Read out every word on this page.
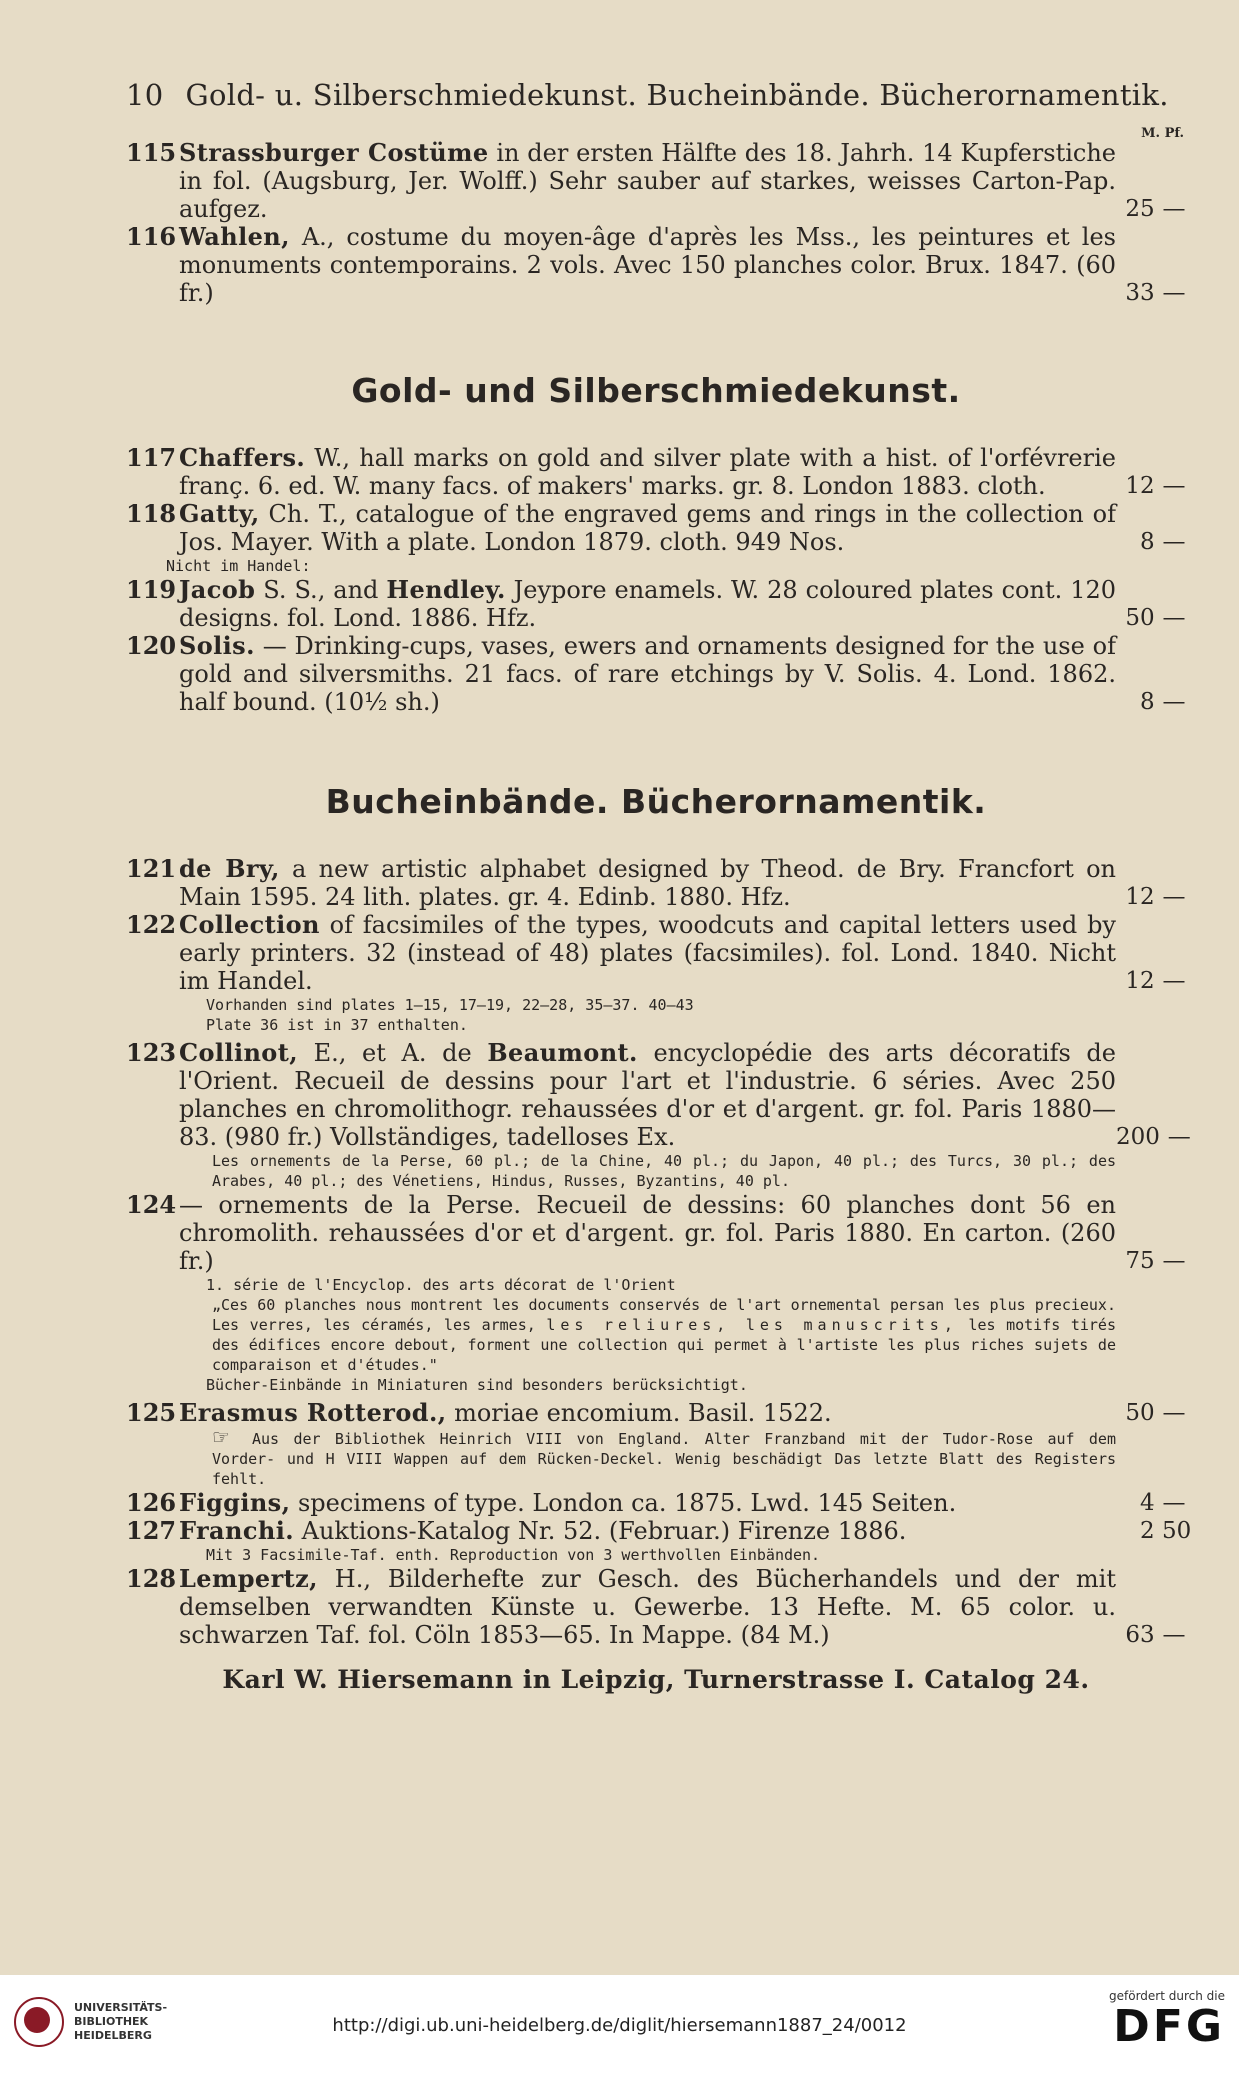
10 Gold- u. Silberschmiedekunst. Bucheinbände. Bücherornamentik.
M. Pf.
115 Strassburger Costüme in der ersten Hälfte des 18. Jahrh. 14 Kupferstiche in fol. (Augsburg, Jer. Wolff.) Sehr sauber auf starkes, weisses Carton-Pap. aufgez.	25 —
116 Wahlen, A., costume du moyen-âge d'après les Mss., les peintures et les monuments contemporains. 2 vols. Avec 150 planches color. Brux. 1847. (60 fr.)	33 —
Gold- und Silberschmiedekunst.
117 Chaffers. W., hall marks on gold and silver plate with a hist. of l'orfévrerie franç. 6. ed. W. many facs. of makers' marks. gr. 8. London 1883. cloth.	12 —
118 Gatty, Ch. T., catalogue of the engraved gems and rings in the collection of Jos. Mayer. With a plate. London 1879. cloth. 949 Nos.	8 —
Nicht im Handel:
119 Jacob S. S., and Hendley. Jeypore enamels. W. 28 coloured plates cont. 120 designs. fol. Lond. 1886. Hfz.	50 —
120 Solis. — Drinking-cups, vases, ewers and ornaments designed for the use of gold and silversmiths. 21 facs. of rare etchings by V. Solis. 4. Lond. 1862. half bound. (10½ sh.)	8 —
Bucheinbände. Bücherornamentik.
121 de Bry, a new artistic alphabet designed by Theod. de Bry. Francfort on Main 1595. 24 lith. plates. gr. 4. Edinb. 1880. Hfz.	12 —
122 Collection of facsimiles of the types, woodcuts and capital letters used by early printers. 32 (instead of 48) plates (facsimiles). fol. Lond. 1840. Nicht im Handel.	12 —
Vorhanden sind plates 1—15, 17—19, 22—28, 35—37. 40—43
Plate 36 ist in 37 enthalten.
123 Collinot, E., et A. de Beaumont. encyclopédie des arts décoratifs de l'Orient. Recueil de dessins pour l'art et l'industrie. 6 séries. Avec 250 planches en chromolithogr. rehaussées d'or et d'argent. gr. fol. Paris 1880—83. (980 fr.) Vollständiges, tadelloses Ex.	200 —
Les ornements de la Perse, 60 pl.; de la Chine, 40 pl.; du Japon, 40 pl.; des Turcs, 30 pl.; des Arabes, 40 pl.; des Vénetiens, Hindus, Russes, Byzantins, 40 pl.
124 — ornements de la Perse. Recueil de dessins: 60 planches dont 56 en chromolith. rehaussées d'or et d'argent. gr. fol. Paris 1880. En carton. (260 fr.)	75 —
1. série de l'Encyclop. des arts décorat de l'Orient
„Ces 60 planches nous montrent les documents conservés de l'art ornemental persan les plus precieux. Les verres, les céramés, les armes, les reliures, les manuscrits, les motifs tirés des édifices encore debout, forment une collection qui permet à l'artiste les plus riches sujets de comparaison et d'études."
Bücher-Einbände in Miniaturen sind besonders berücksichtigt.
125 Erasmus Rotterod., moriae encomium. Basil. 1522.	50 —
☞ Aus der Bibliothek Heinrich VIII von England. Alter Franzband mit der Tudor-Rose auf dem Vorder- und H VIII Wappen auf dem Rücken-Deckel. Wenig beschädigt Das letzte Blatt des Registers fehlt.
126 Figgins, specimens of type. London ca. 1875. Lwd. 145 Seiten.	4 —
127 Franchi. Auktions-Katalog Nr. 52. (Februar.) Firenze 1886.	2 50
Mit 3 Facsimile-Taf. enth. Reproduction von 3 werthvollen Einbänden.
128 Lempertz, H., Bilderhefte zur Gesch. des Bücherhandels und der mit demselben verwandten Künste u. Gewerbe. 13 Hefte. M. 65 color. u. schwarzen Taf. fol. Cöln 1853—65. In Mappe. (84 M.)	63 —
Karl W. Hiersemann in Leipzig, Turnerstrasse I. Catalog 24.
UNIVERSITÄTS-
BIBLIOTHEK
HEIDELBERG	http://digi.ub.uni-heidelberg.de/diglit/hiersemann1887_24/0012
gefördert durch die
DFG
